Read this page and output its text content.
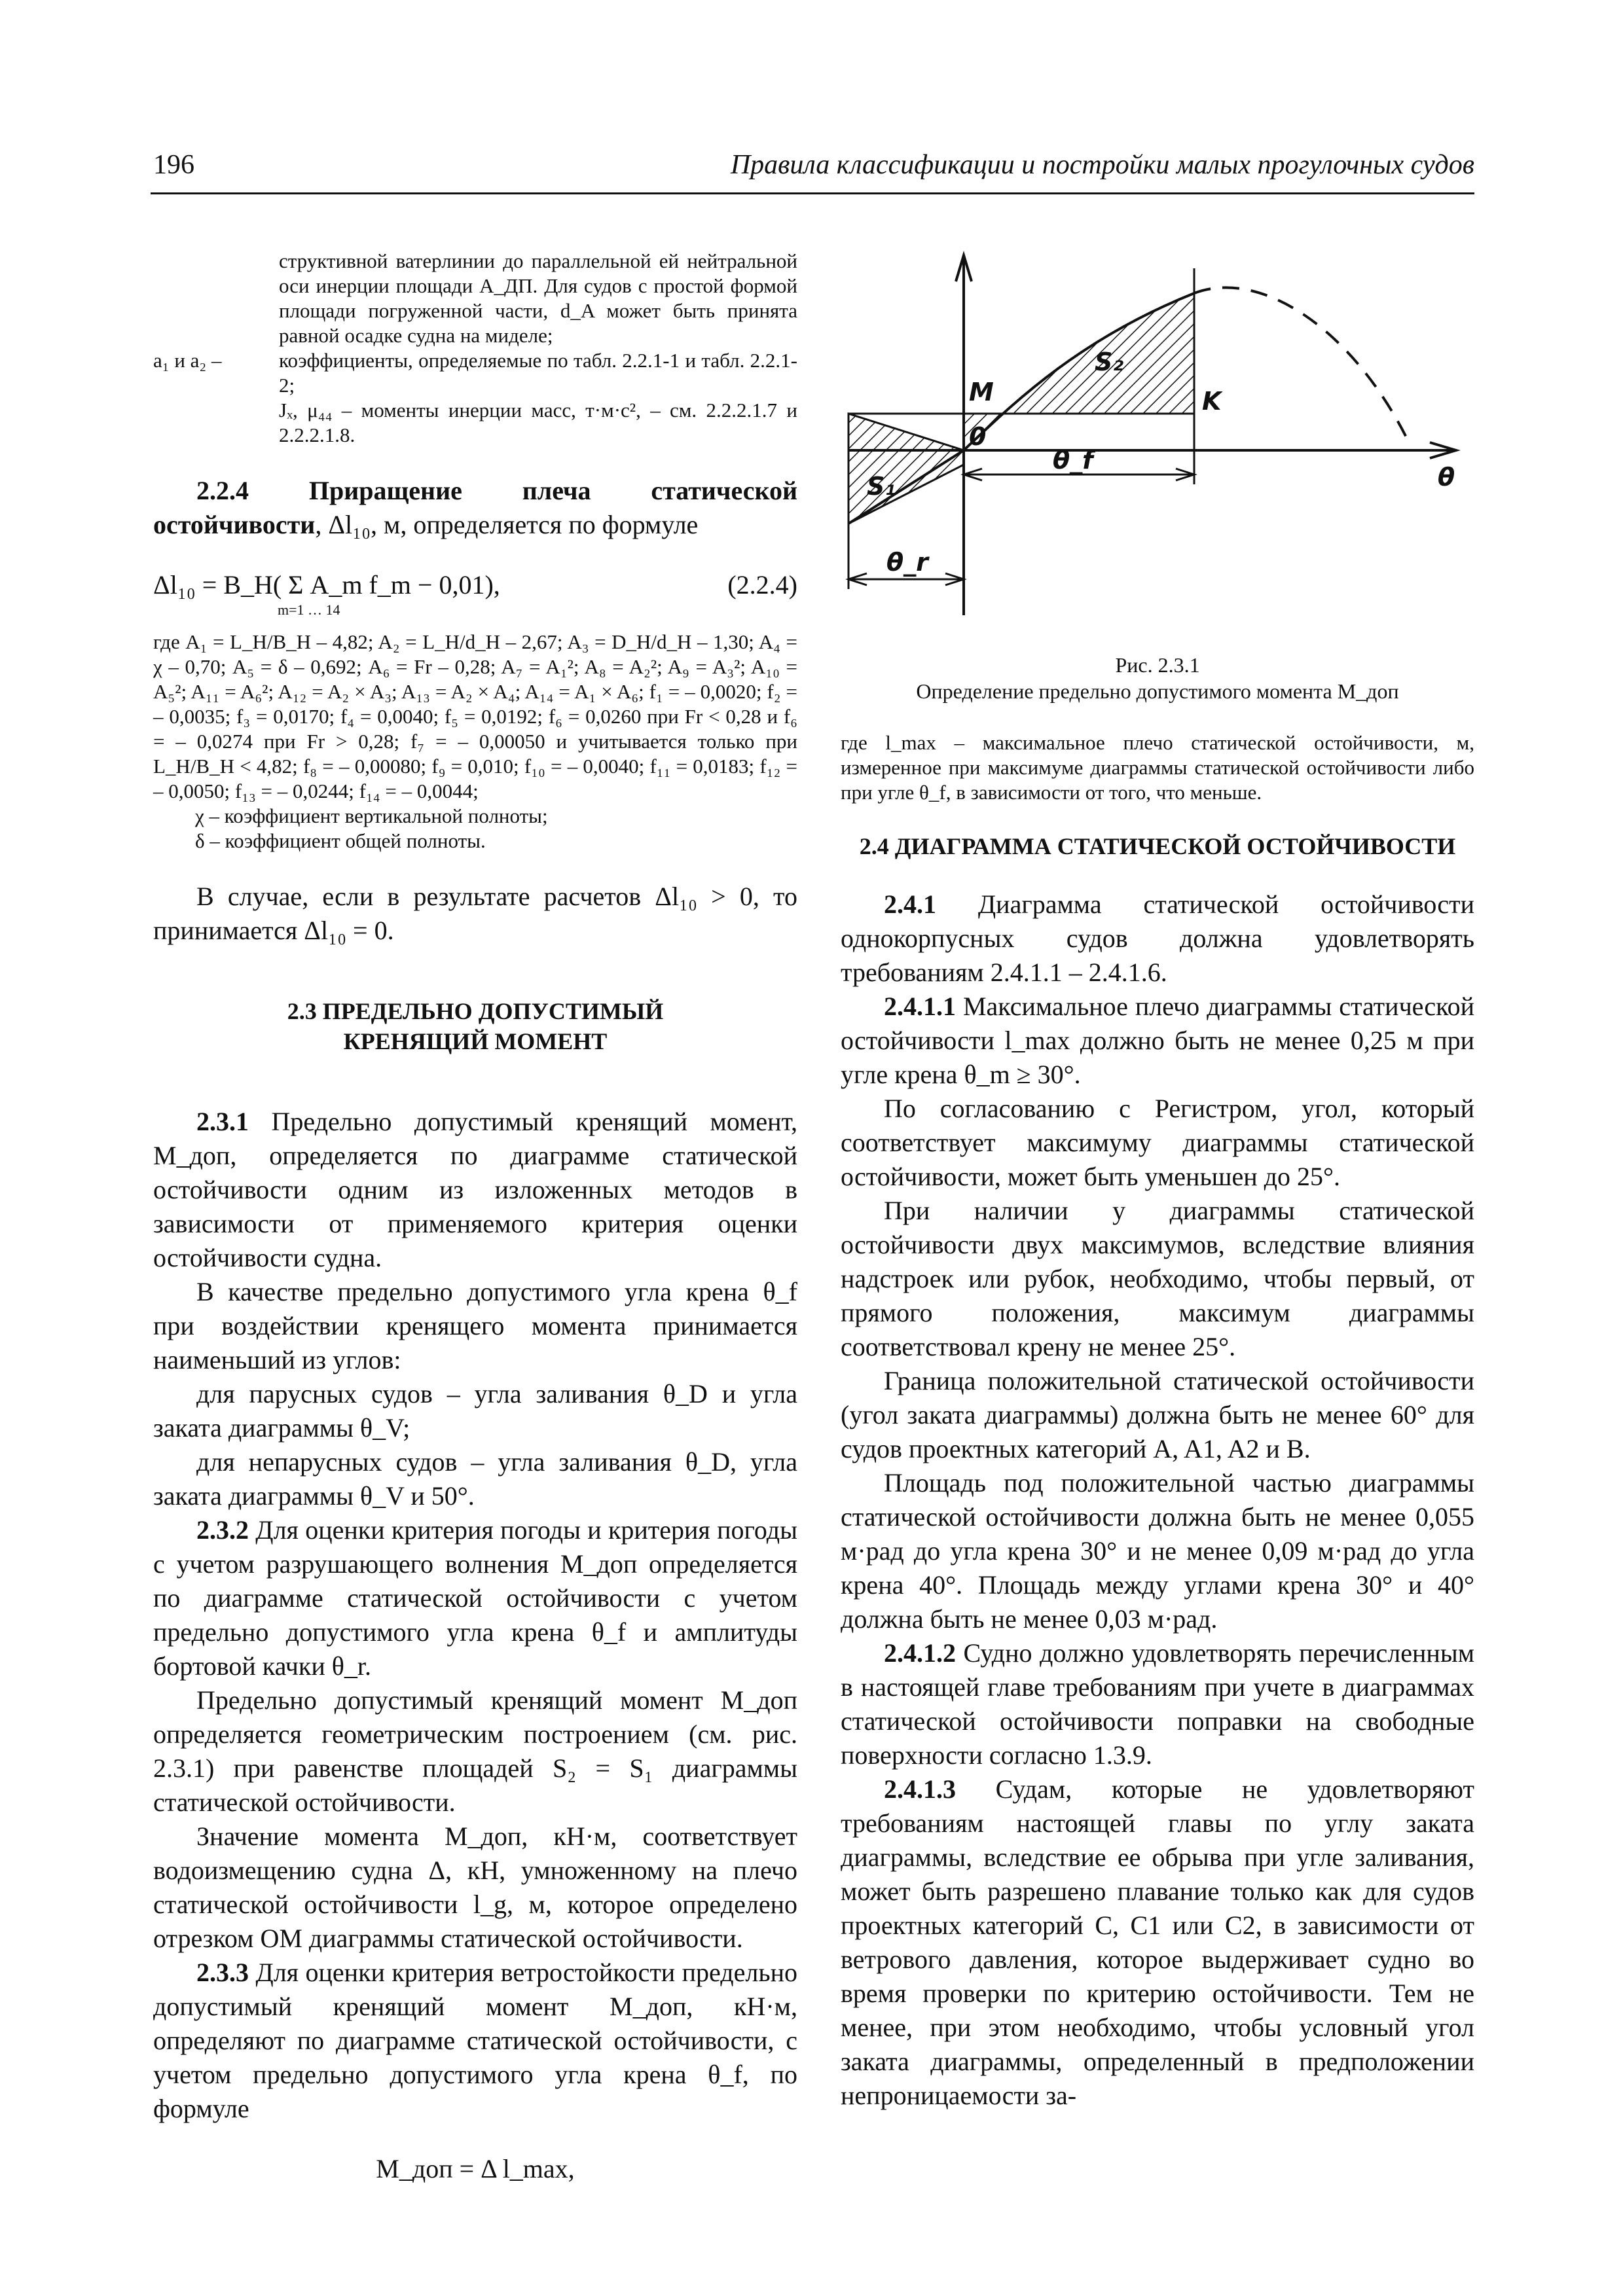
196	Правила классификации и постройки малых прогулочных судов
структивной ватерлинии до параллельной ей нейтральной оси инерции площади A_ДП. Для судов с простой формой площади погруженной части, d_A может быть принята равной осадке судна на миделе;
a₁ и a₂ –	коэффициенты, определяемые по табл. 2.2.1-1 и табл. 2.2.1-2;
Jₓ, μ₄₄ – моменты инерции масс, т·м·с², – см. 2.2.2.1.7 и 2.2.2.1.8.

2.2.4 Приращение плеча статической остойчивости, Δl₁₀, м, определяется по формуле

Δl₁₀ = B_H( Σ A_m f_m − 0,01),	(2.2.4)
m=1 … 14

где A₁ = L_H/B_H – 4,82; A₂ = L_H/d_H – 2,67; A₃ = D_H/d_H – 1,30; A₄ = χ – 0,70; A₅ = δ – 0,692; A₆ = Fr – 0,28; A₇ = A₁²; A₈ = A₂²; A₉ = A₃²; A₁₀ = A₅²; A₁₁ = A₆²; A₁₂ = A₂ × A₃; A₁₃ = A₂ × A₄; A₁₄ = A₁ × A₆; f₁ = – 0,0020; f₂ = – 0,0035; f₃ = 0,0170; f₄ = 0,0040; f₅ = 0,0192; f₆ = 0,0260 при Fr < 0,28 и f₆ = – 0,0274 при Fr > 0,28; f₇ = – 0,00050 и учитывается только при L_H/B_H < 4,82; f₈ = – 0,00080; f₉ = 0,010; f₁₀ = – 0,0040; f₁₁ = 0,0183; f₁₂ = – 0,0050; f₁₃ = – 0,0244; f₁₄ = – 0,0044;

χ – коэффициент вертикальной полноты;

δ – коэффициент общей полноты.

В случае, если в результате расчетов Δl₁₀ > 0, то принимается Δl₁₀ = 0.

2.3 ПРЕДЕЛЬНО ДОПУСТИМЫЙ
КРЕНЯЩИЙ МОМЕНТ

2.3.1 Предельно допустимый кренящий момент, M_доп, определяется по диаграмме статической остойчивости одним из изложенных методов в зависимости от применяемого критерия оценки остойчивости судна.

В качестве предельно допустимого угла крена θ_f при воздействии кренящего момента принимается наименьший из углов:

для парусных судов – угла заливания θ_D и угла заката диаграммы θ_V;

для непарусных судов – угла заливания θ_D, угла заката диаграммы θ_V и 50°.

2.3.2 Для оценки критерия погоды и критерия погоды с учетом разрушающего волнения M_доп определяется по диаграмме статической остойчивости с учетом предельно допустимого угла крена θ_f и амплитуды бортовой качки θ_r.

Предельно допустимый кренящий момент M_доп определяется геометрическим построением (см. рис. 2.3.1) при равенстве площадей S₂ = S₁ диаграммы статической остойчивости.

Значение момента M_доп, кН·м, соответствует водоизмещению судна Δ, кН, умноженному на плечо статической остойчивости l_g, м, которое определено отрезком OM диаграммы статической остойчивости.

2.3.3 Для оценки критерия ветростойкости предельно допустимый кренящий момент M_доп, кН·м, определяют по диаграмме статической остойчивости, с учетом предельно допустимого угла крена θ_f, по формуле

M_доп = Δ l_max,
M	K
0
S₁
S₂
θ
θ_f
θ_r
Рис. 2.3.1
Определение предельно допустимого момента M_доп

где l_max – максимальное плечо статической остойчивости, м, измеренное при максимуме диаграммы статической остойчивости либо при угле θ_f, в зависимости от того, что меньше.

2.4 ДИАГРАММА СТАТИЧЕСКОЙ ОСТОЙЧИВОСТИ

2.4.1 Диаграмма статической остойчивости однокорпусных судов должна удовлетворять требованиям 2.4.1.1 – 2.4.1.6.

2.4.1.1 Максимальное плечо диаграммы статической остойчивости l_max должно быть не менее 0,25 м при угле крена θ_m ≥ 30°.

По согласованию с Регистром, угол, который соответствует максимуму диаграммы статической остойчивости, может быть уменьшен до 25°.

При наличии у диаграммы статической остойчивости двух максимумов, вследствие влияния надстроек или рубок, необходимо, чтобы первый, от прямого положения, максимум диаграммы соответствовал крену не менее 25°.

Граница положительной статической остойчивости (угол заката диаграммы) должна быть не менее 60° для судов проектных категорий A, A1, A2 и B.

Площадь под положительной частью диаграммы статической остойчивости должна быть не менее 0,055 м·рад до угла крена 30° и не менее 0,09 м·рад до угла крена 40°. Площадь между углами крена 30° и 40° должна быть не менее 0,03 м·рад.

2.4.1.2 Судно должно удовлетворять перечисленным в настоящей главе требованиям при учете в диаграммах статической остойчивости поправки на свободные поверхности согласно 1.3.9.

2.4.1.3 Судам, которые не удовлетворяют требованиям настоящей главы по углу заката диаграммы, вследствие ее обрыва при угле заливания, может быть разрешено плавание только как для судов проектных категорий C, C1 или C2, в зависимости от ветрового давления, которое выдерживает судно во время проверки по критерию остойчивости. Тем не менее, при этом необходимо, чтобы условный угол заката диаграммы, определенный в предположении непроницаемости за-
